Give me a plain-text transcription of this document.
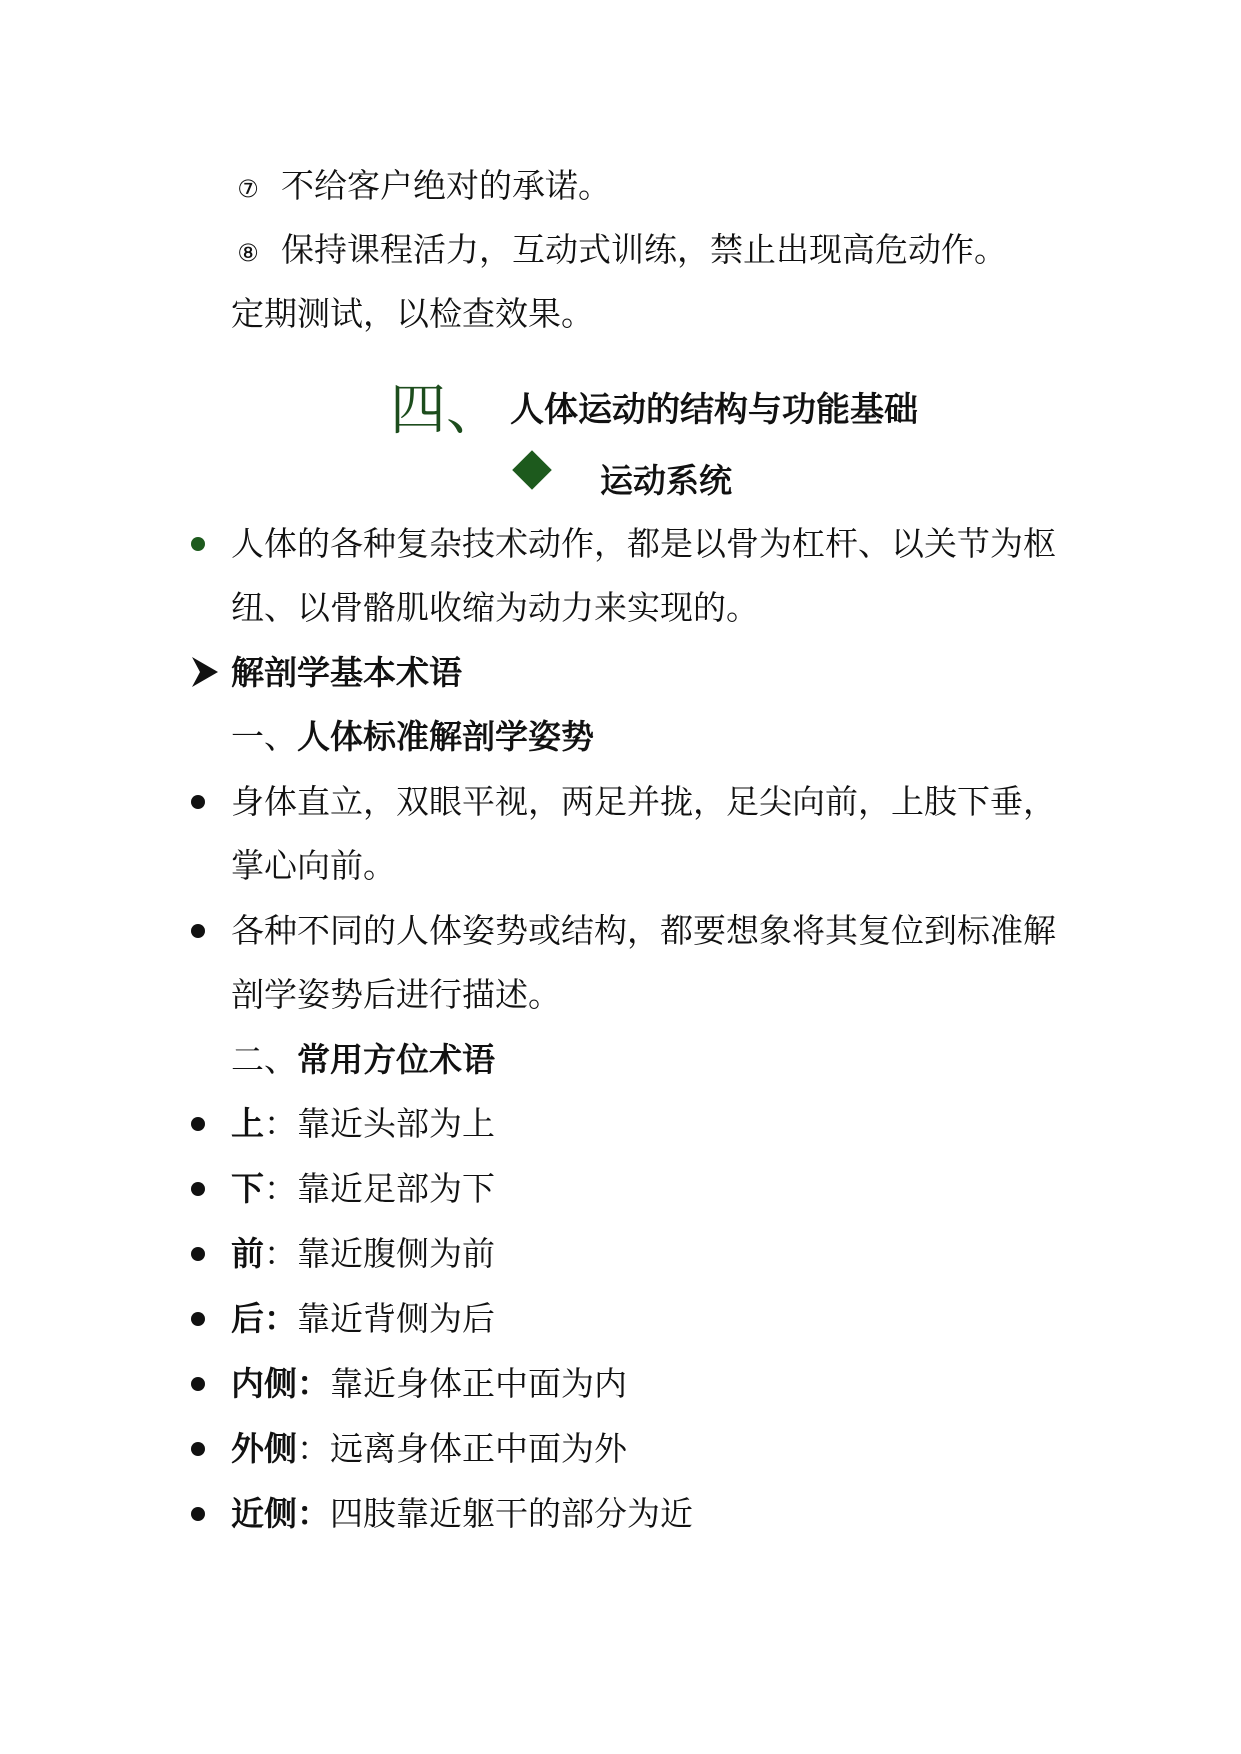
⑦ 不给客户绝对的承诺。
⑧ 保持课程活力，互动式训练，禁止出现高危动作。
定期测试，以检查效果。
四、 人体运动的结构与功能基础
运动系统
人体的各种复杂技术动作，都是以骨为杠杆、以关节为枢
纽、以骨骼肌收缩为动力来实现的。
解剖学基本术语
一、人体标准解剖学姿势
身体直立，双眼平视，两足并拢，足尖向前，上肢下垂，
掌心向前。
各种不同的人体姿势或结构，都要想象将其复位到标准解
剖学姿势后进行描述。
二、常用方位术语
上：靠近头部为上
下：靠近足部为下
前：靠近腹侧为前
后：靠近背侧为后
内侧：靠近身体正中面为内
外侧：远离身体正中面为外
近侧：四肢靠近躯干的部分为近
